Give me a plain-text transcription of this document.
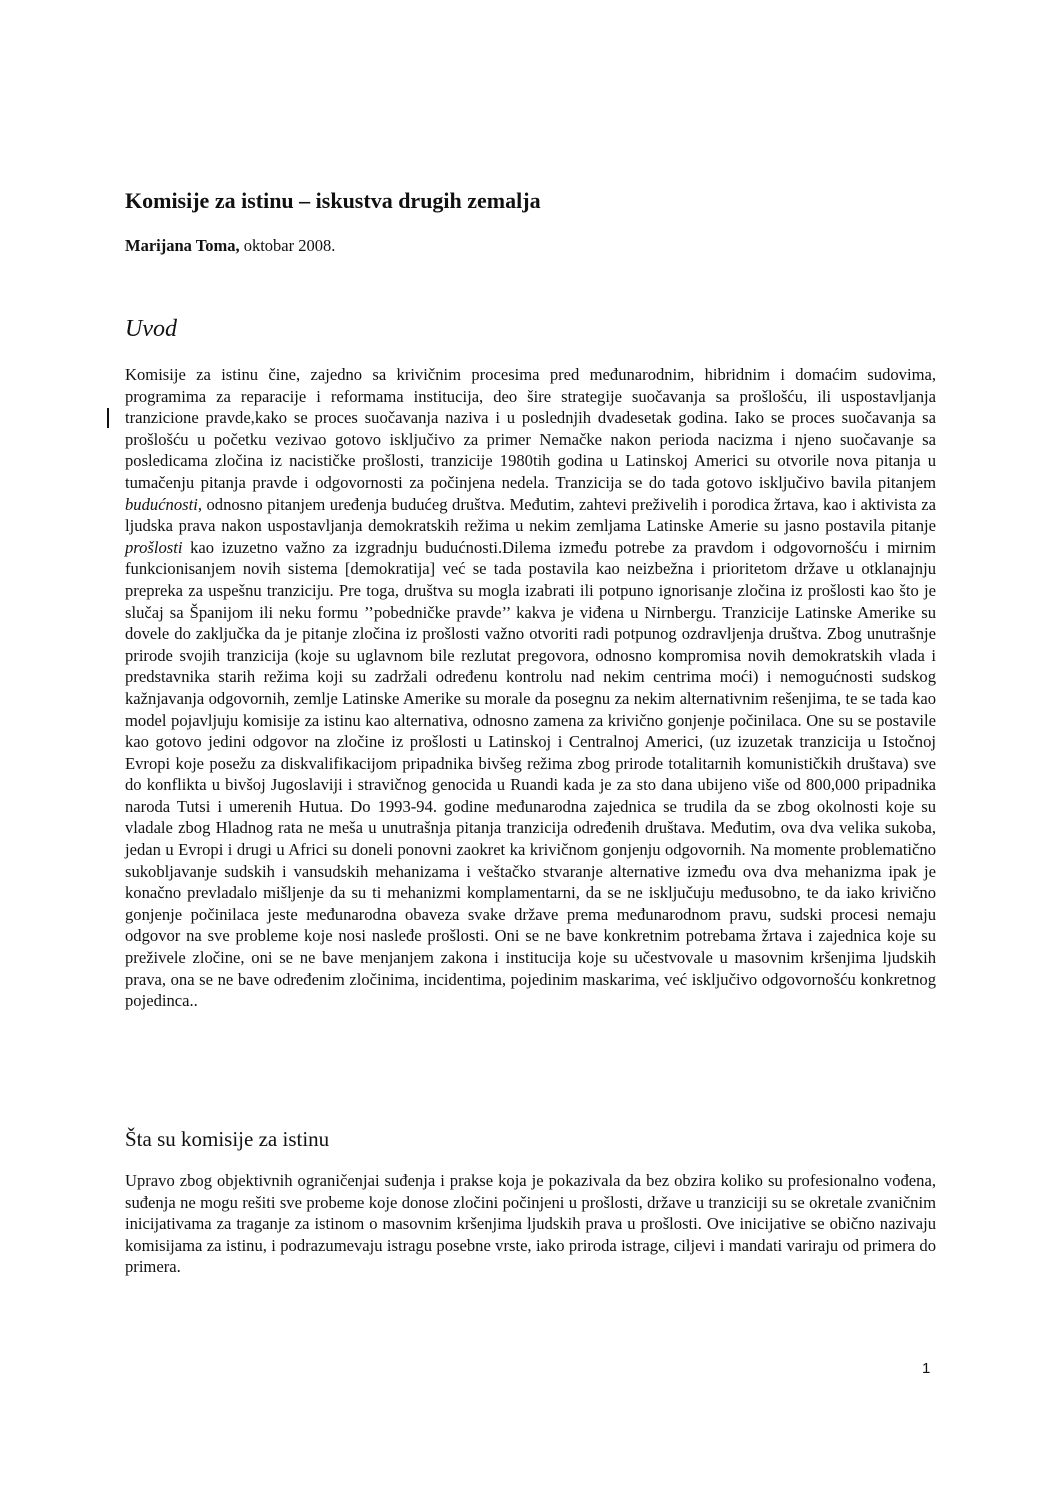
Komisije za istinu – iskustva drugih zemalja

Marijana Toma, oktobar 2008.

Uvod

Komisije za istinu čine, zajedno sa krivičnim procesima pred međunarodnim, hibridnim i domaćim sudovima, programima za reparacije i reformama institucija, deo šire strategije suočavanja sa prošlošću, ili uspostavljanja tranzicione pravde,kako se proces suočavanja naziva i u poslednjih dvadesetak godina. Iako se proces suočavanja sa prošlošću u početku vezivao gotovo isključivo za primer Nemačke nakon perioda nacizma i njeno suočavanje sa posledicama zločina iz nacističke prošlosti, tranzicije 1980tih godina u Latinskoj Americi su otvorile nova pitanja u tumačenju pitanja pravde i odgovornosti za počinjena nedela. Tranzicija se do tada gotovo isključivo bavila pitanjem budućnosti, odnosno pitanjem uređenja budućeg društva. Međutim, zahtevi preživelih i porodica žrtava, kao i aktivista za ljudska prava nakon uspostavljanja demokratskih režima u nekim zemljama Latinske Amerie su jasno postavila pitanje prošlosti kao izuzetno važno za izgradnju budućnosti.Dilema između potrebe za pravdom i odgovornošću i mirnim funkcionisanjem novih sistema [demokratija] već se tada postavila kao neizbežna i prioritetom države u otklanajnju prepreka za uspešnu tranziciju. Pre toga, društva su mogla izabrati ili potpuno ignorisanje zločina iz prošlosti kao što je slučaj sa Španijom ili neku formu ’’pobedničke pravde’’ kakva je viđena u Nirnbergu. Tranzicije Latinske Amerike su dovele do zaključka da je pitanje zločina iz prošlosti važno otvoriti radi potpunog ozdravljenja društva. Zbog unutrašnje prirode svojih tranzicija (koje su uglavnom bile rezlutat pregovora, odnosno kompromisa novih demokratskih vlada i predstavnika starih režima koji su zadržali određenu kontrolu nad nekim centrima moći) i nemogućnosti sudskog kažnjavanja odgovornih, zemlje Latinske Amerike su morale da posegnu za nekim alternativnim rešenjima, te se tada kao model pojavljuju komisije za istinu kao alternativa, odnosno zamena za krivično gonjenje počinilaca. One su se postavile kao gotovo jedini odgovor na zločine iz prošlosti u Latinskoj i Centralnoj Americi, (uz izuzetak tranzicija u Istočnoj Evropi koje posežu za diskvalifikacijom pripadnika bivšeg režima zbog prirode totalitarnih komunističkih društava) sve do konflikta u bivšoj Jugoslaviji i stravičnog genocida u Ruandi kada je za sto dana ubijeno više od 800,000 pripadnika naroda Tutsi i umerenih Hutua. Do 1993-94. godine međunarodna zajednica se trudila da se zbog okolnosti koje su vladale zbog Hladnog rata ne meša u unutrašnja pitanja tranzicija određenih društava. Međutim, ova dva velika sukoba, jedan u Evropi i drugi u Africi su doneli ponovni zaokret ka krivičnom gonjenju odgovornih. Na momente problematično sukobljavanje sudskih i vansudskih mehanizama i veštačko stvaranje alternative između ova dva mehanizma ipak je konačno prevladalo mišljenje da su ti mehanizmi komplamentarni, da se ne isključuju međusobno, te da iako krivično gonjenje počinilaca jeste međunarodna obaveza svake države prema međunarodnom pravu, sudski procesi nemaju odgovor na sve probleme koje nosi nasleđe prošlosti. Oni se ne bave konkretnim potrebama žrtava i zajednica koje su preživele zločine, oni se ne bave menjanjem zakona i institucija koje su učestvovale u masovnim kršenjima ljudskih prava, ona se ne bave određenim zločinima, incidentima, pojedinim maskarima, već isključivo odgovornošću konkretnog pojedinca..

Šta su komisije za istinu

Upravo zbog objektivnih ograničenjai suđenja i prakse koja je pokazivala da bez obzira koliko su profesionalno vođena, suđenja ne mogu rešiti sve probeme koje donose zločini počinjeni u prošlosti, države u tranziciji su se okretale zvaničnim inicijativama za traganje za istinom o masovnim kršenjima ljudskih prava u prošlosti. Ove inicijative se obično nazivaju komisijama za istinu, i podrazumevaju istragu posebne vrste, iako priroda istrage, ciljevi i mandati variraju od primera do primera.

1
